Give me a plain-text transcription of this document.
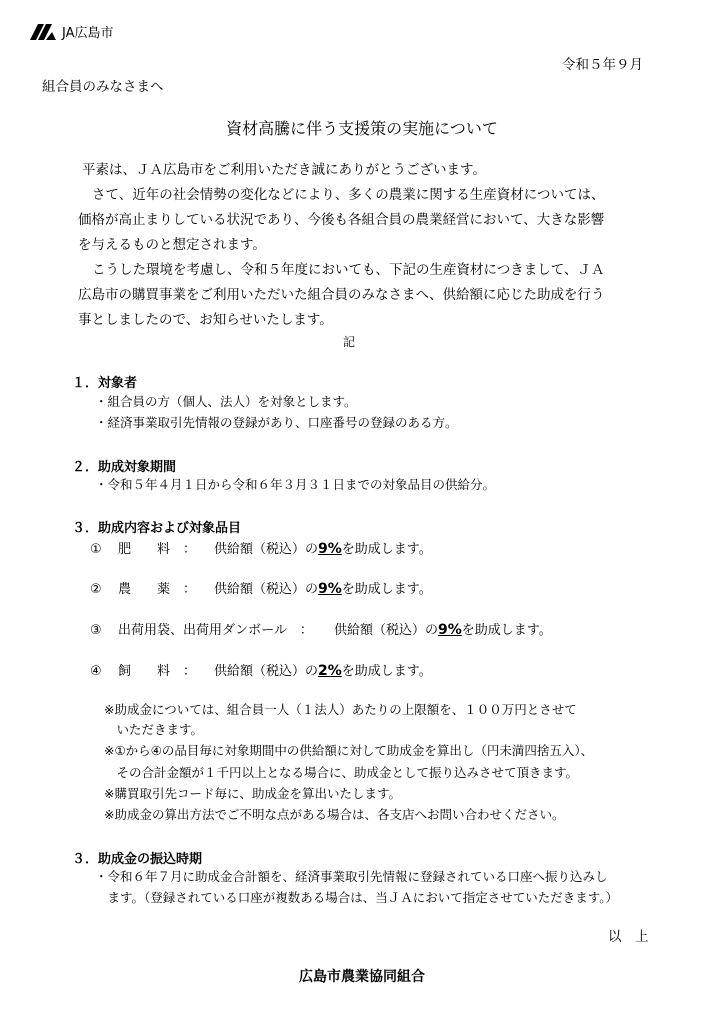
JA広島市
令和５年９月
組合員のみなさまへ
資材高騰に伴う支援策の実施について
平素は、ＪＡ広島市をご利用いただき誠にありがとうございます。
さて、近年の社会情勢の変化などにより、多くの農業に関する生産資材については、
価格が高止まりしている状況であり、今後も各組合員の農業経営において、大きな影響
を与えるものと想定されます。
こうした環境を考慮し、令和５年度においても、下記の生産資材につきまして、ＪＡ
広島市の購買事業をご利用いただいた組合員のみなさまへ、供給額に応じた助成を行う
事としましたので、お知らせいたします。
記
１．対象者
・組合員の方（個人、法人）を対象とします。
・経済事業取引先情報の登録があり、口座番号の登録のある方。
２．助成対象期間
・令和５年４月１日から令和６年３月３１日までの対象品目の供給分。
３．助成内容および対象品目
① 肥　　料　： 供給額（税込）の9%を助成します。
② 農　　薬　： 供給額（税込）の9%を助成します。
③ 出荷用袋、出荷用ダンボール　： 供給額（税込）の9%を助成します。
④ 飼　　料　： 供給額（税込）の2%を助成します。
※助成金については、組合員一人（１法人）あたりの上限額を、１００万円とさせて
　いただきます。
※①から④の品目毎に対象期間中の供給額に対して助成金を算出し（円未満四捨五入）、
　その合計金額が１千円以上となる場合に、助成金として振り込みさせて頂きます。
※購買取引先コード毎に、助成金を算出いたします。
※助成金の算出方法でご不明な点がある場合は、各支店へお問い合わせください。
３．助成金の振込時期
・令和６年７月に助成金合計額を、経済事業取引先情報に登録されている口座へ振り込みし
　ます。（登録されている口座が複数ある場合は、当ＪＡにおいて指定させていただきます。）
以　上
広島市農業協同組合
